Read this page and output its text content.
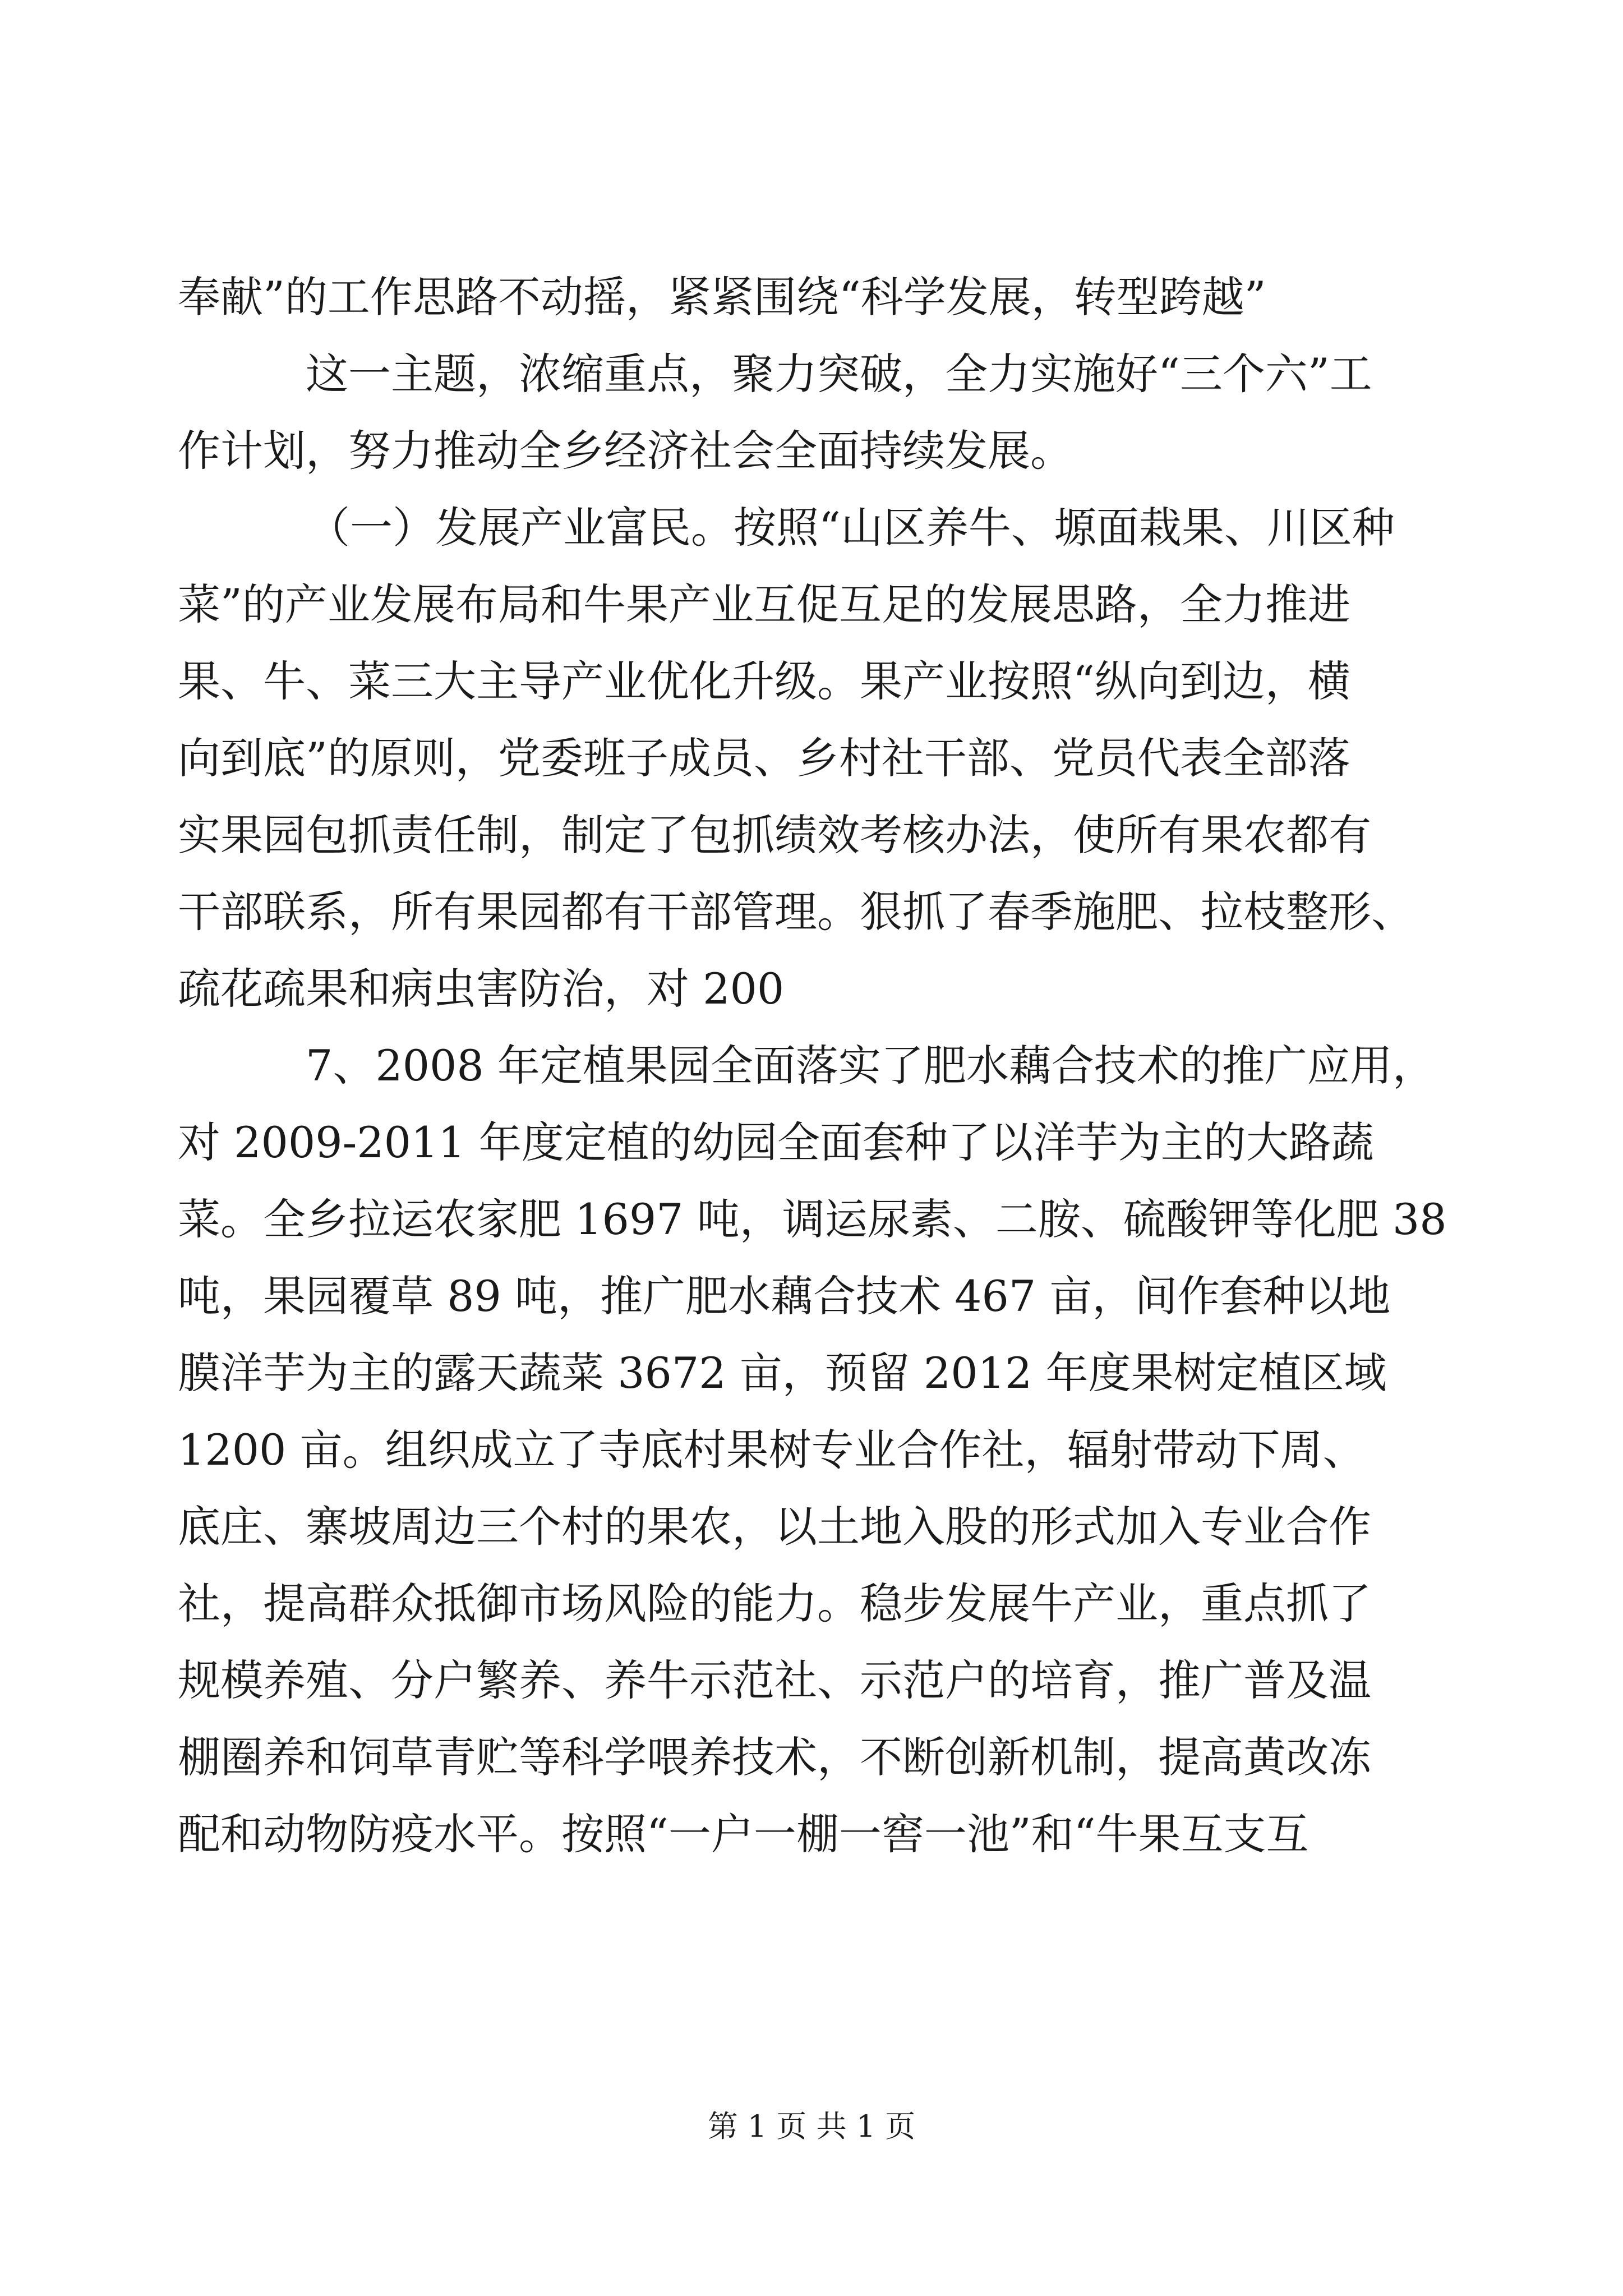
奉献”的工作思路不动摇，紧紧围绕“科学发展，转型跨越”
这一主题，浓缩重点，聚力突破，全力实施好“三个六”工
作计划，努力推动全乡经济社会全面持续发展。
（一）发展产业富民。按照“山区养牛、塬面栽果、川区种
菜”的产业发展布局和牛果产业互促互足的发展思路，全力推进
果、牛、菜三大主导产业优化升级。果产业按照“纵向到边，横
向到底”的原则，党委班子成员、乡村社干部、党员代表全部落
实果园包抓责任制，制定了包抓绩效考核办法，使所有果农都有
干部联系，所有果园都有干部管理。狠抓了春季施肥、拉枝整形、
疏花疏果和病虫害防治，对 200
7、2008 年定植果园全面落实了肥水藕合技术的推广应用，
对 2009-2011 年度定植的幼园全面套种了以洋芋为主的大路蔬
菜。全乡拉运农家肥 1697 吨，调运尿素、二胺、硫酸钾等化肥 38
吨，果园覆草 89 吨，推广肥水藕合技术 467 亩，间作套种以地
膜洋芋为主的露天蔬菜 3672 亩，预留 2012 年度果树定植区域
1200 亩。组织成立了寺底村果树专业合作社，辐射带动下周、
底庄、寨坡周边三个村的果农，以土地入股的形式加入专业合作
社，提高群众抵御市场风险的能力。稳步发展牛产业，重点抓了
规模养殖、分户繁养、养牛示范社、示范户的培育，推广普及温
棚圈养和饲草青贮等科学喂养技术，不断创新机制，提高黄改冻
配和动物防疫水平。按照“一户一棚一窖一池”和“牛果互支互
第 1 页 共 1 页
